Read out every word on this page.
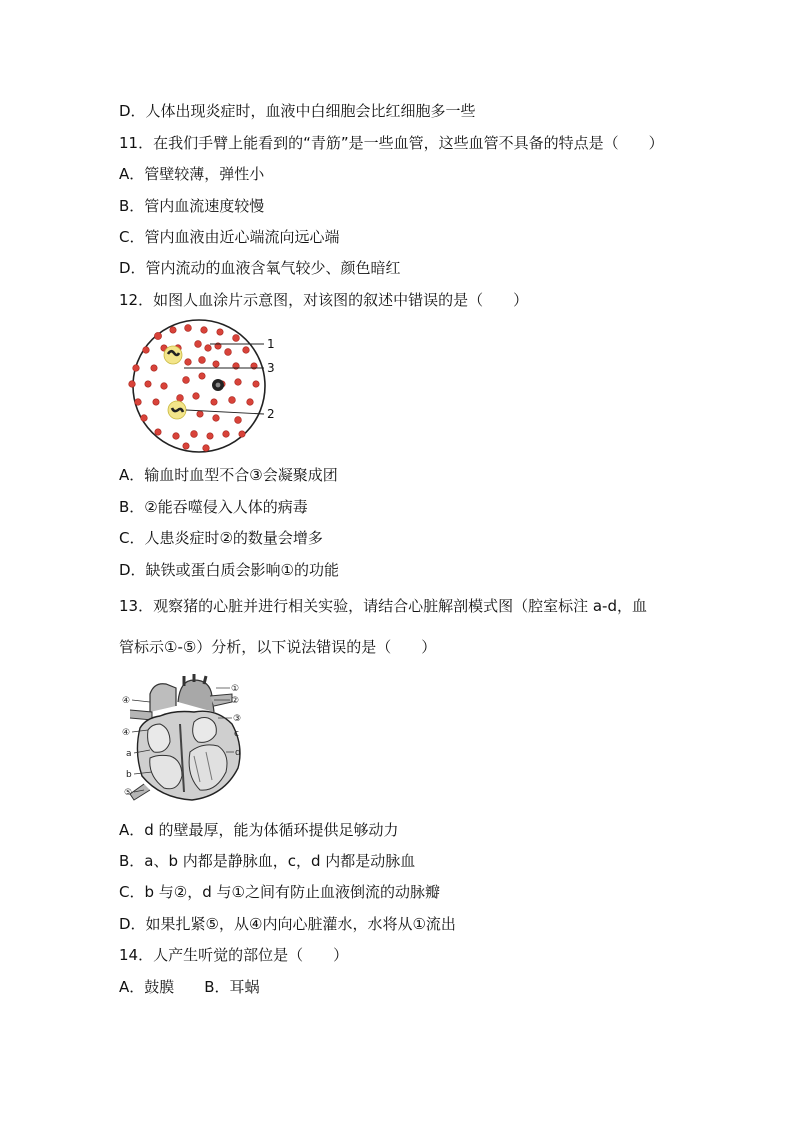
D．人体出现炎症时，血液中白细胞会比红细胞多一些
11．在我们手臂上能看到的“青筋”是一些血管，这些血管不具备的特点是（　　）
A．管壁较薄，弹性小
B．管内血流速度较慢
C．管内血液由近心端流向远心端
D．管内流动的血液含氧气较少、颜色暗红
12．如图人血涂片示意图，对该图的叙述中错误的是（　　）
1
2
3
A．输血时血型不合③会凝聚成团
B．②能吞噬侵入人体的病毒
C．人患炎症时②的数量会增多
D．缺铁或蛋白质会影响①的功能
13．观察猪的心脏并进行相关实验，请结合心脏解剖模式图（腔室标注 a-d，血
管标示①-⑤）分析，以下说法错误的是（　　）
①
②
③
④
④
⑤
a
b
c
d
A．d 的壁最厚，能为体循环提供足够动力
B．a、b 内都是静脉血，c，d 内都是动脉血
C．b 与②，d 与①之间有防止血液倒流的动脉瓣
D．如果扎紧⑤，从④内向心脏灌水，水将从①流出
14．人产生听觉的部位是（　　）
A．鼓膜　　B．耳蜗
